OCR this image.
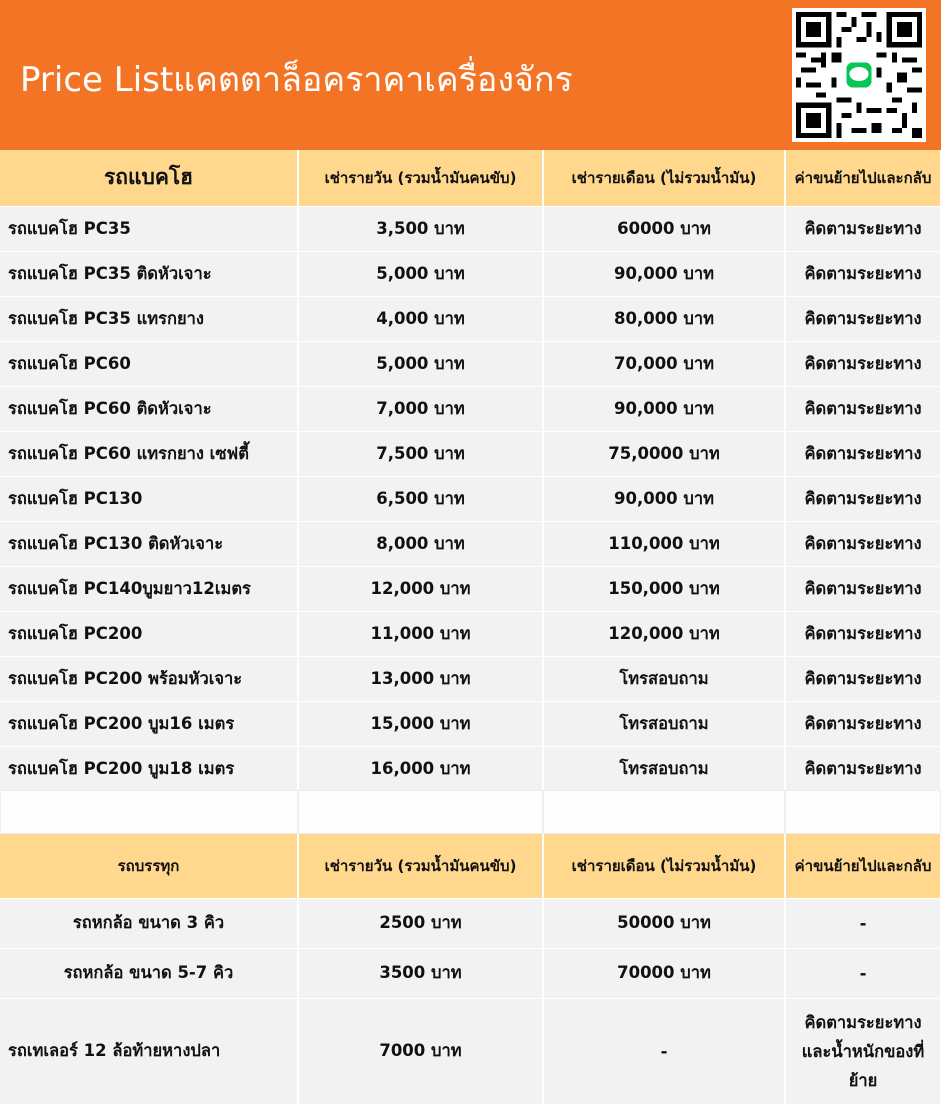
Price Listแคตตาล็อคราคาเครื่องจักร
รถแบคโฮ	เช่ารายวัน (รวมน้ำมันคนขับ)	เช่ารายเดือน (ไม่รวมน้ำมัน)	ค่าขนย้ายไปและกลับ
รถแบคโฮ PC35	3,500 บาท	60000 บาท	คิดตามระยะทาง
รถแบคโฮ PC35 ติดหัวเจาะ	5,000 บาท	90,000 บาท	คิดตามระยะทาง
รถแบคโฮ PC35 แทรกยาง	4,000 บาท	80,000 บาท	คิดตามระยะทาง
รถแบคโฮ PC60	5,000 บาท	70,000 บาท	คิดตามระยะทาง
รถแบคโฮ PC60 ติดหัวเจาะ	7,000 บาท	90,000 บาท	คิดตามระยะทาง
รถแบคโฮ PC60 แทรกยาง เซฟตี้	7,500 บาท	75,0000 บาท	คิดตามระยะทาง
รถแบคโฮ PC130	6,500 บาท	90,000 บาท	คิดตามระยะทาง
รถแบคโฮ PC130 ติดหัวเจาะ	8,000 บาท	110,000 บาท	คิดตามระยะทาง
รถแบคโฮ PC140บูมยาว12เมตร	12,000 บาท	150,000 บาท	คิดตามระยะทาง
รถแบคโฮ PC200	11,000 บาท	120,000 บาท	คิดตามระยะทาง
รถแบคโฮ PC200 พร้อมหัวเจาะ	13,000 บาท	โทรสอบถาม	คิดตามระยะทาง
รถแบคโฮ PC200 บูม16 เมตร	15,000 บาท	โทรสอบถาม	คิดตามระยะทาง
รถแบคโฮ PC200 บูม18 เมตร	16,000 บาท	โทรสอบถาม	คิดตามระยะทาง
รถบรรทุก	เช่ารายวัน (รวมน้ำมันคนขับ)	เช่ารายเดือน (ไม่รวมน้ำมัน)	ค่าขนย้ายไปและกลับ
รถหกล้อ ขนาด 3 คิว	2500 บาท	50000 บาท	-
รถหกล้อ ขนาด 5-7 คิว	3500 บาท	70000 บาท	-
รถเทเลอร์ 12 ล้อท้ายหางปลา	7000 บาท	-	คิดตามระยะทางและน้ำหนักของที่ย้าย
